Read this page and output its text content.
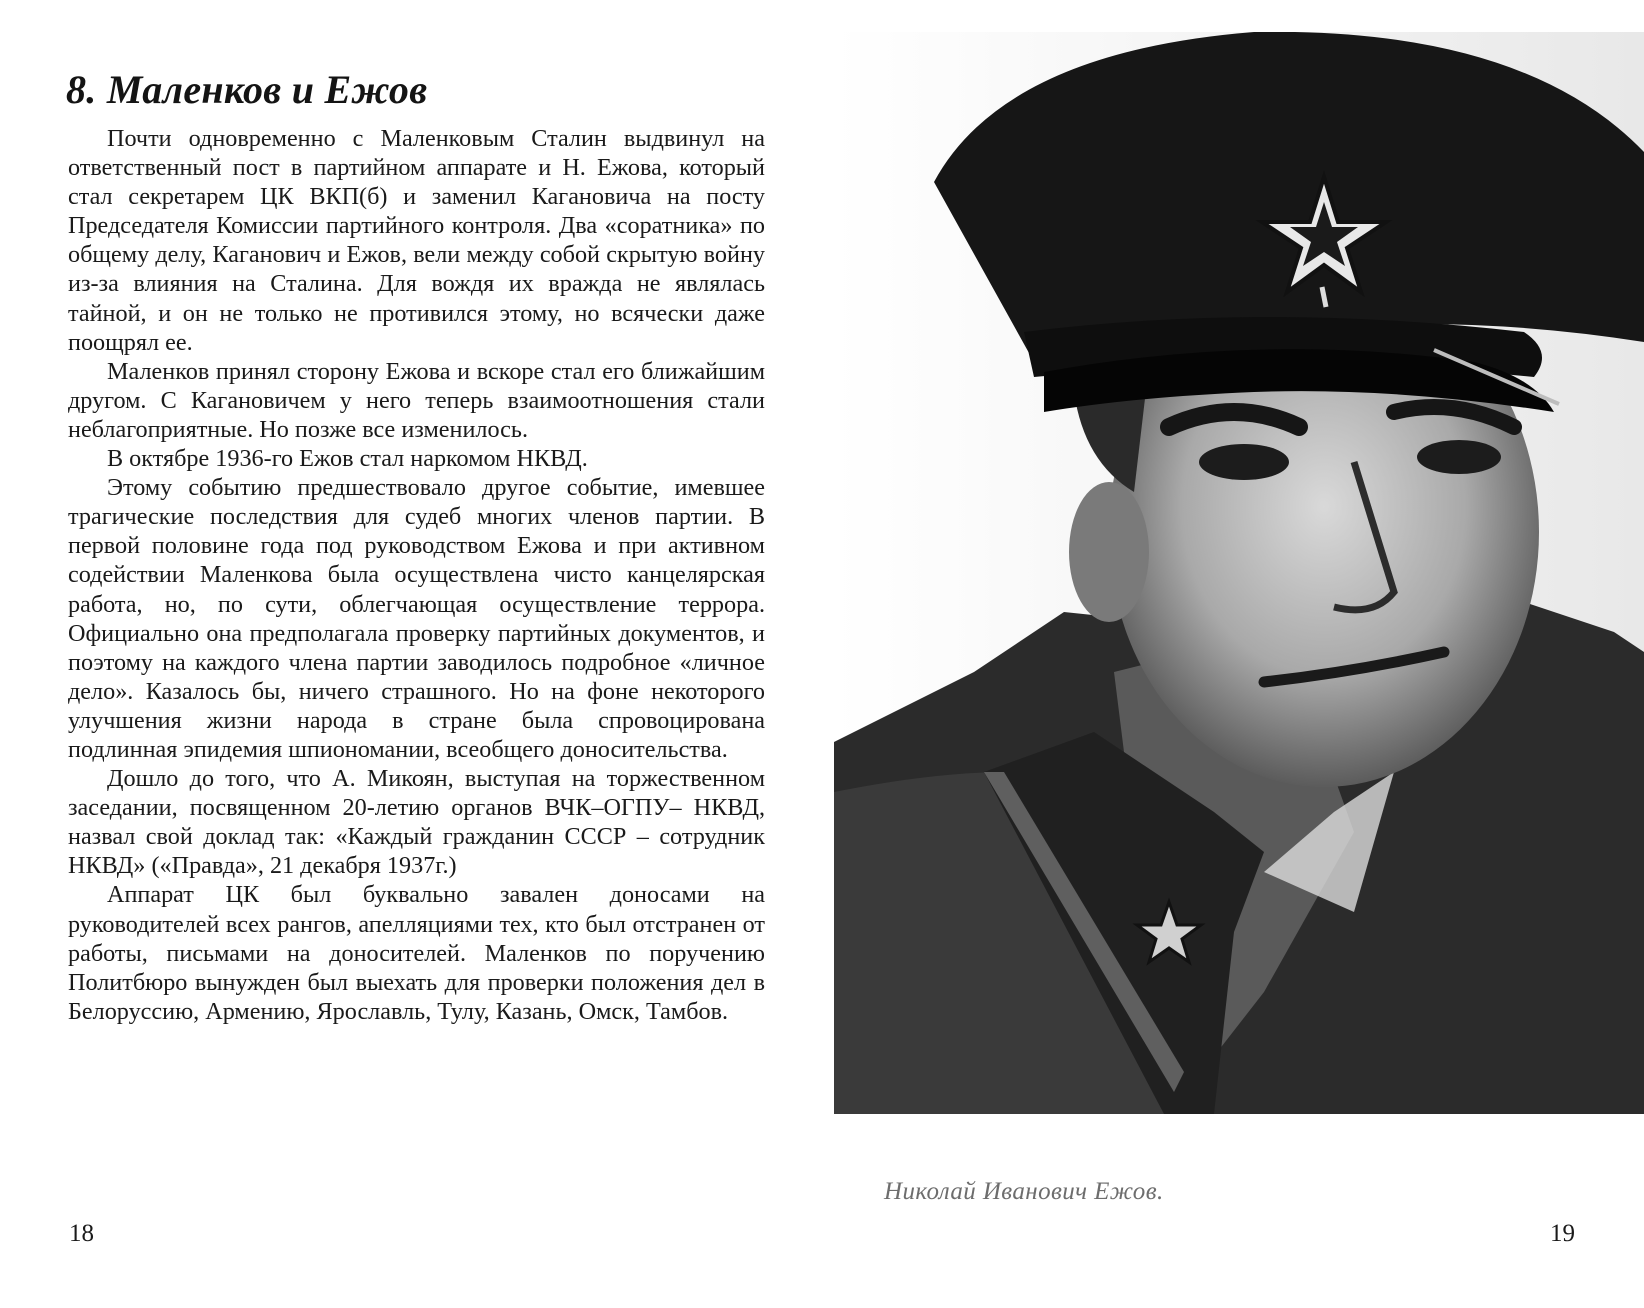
8. Маленков и Ежов

Почти одновременно с Маленковым Сталин выдвинул на ответственный пост в партийном аппарате и Н. Ежова, который стал секретарем ЦК ВКП(б) и заменил Кагановича на посту Председателя Комиссии партийного контроля. Два «соратника» по общему делу, Каганович и Ежов, вели между собой скрытую войну из-за влияния на Сталина. Для вождя их вражда не являлась тайной, и он не только не противился этому, но всячески даже поощрял ее.

Маленков принял сторону Ежова и вскоре стал его ближайшим другом. С Кагановичем у него теперь взаимоотношения стали неблагоприятные. Но позже все изменилось.

В октябре 1936-го Ежов стал наркомом НКВД.

Этому событию предшествовало другое событие, имевшее трагические последствия для судеб многих членов партии. В первой половине года под руководством Ежова и при активном содействии Маленкова была осуществлена чисто канцелярская работа, но, по сути, облегчающая осуществление террора. Официально она предполагала проверку партийных документов, и поэтому на каждого члена партии заводилось подробное «личное дело». Казалось бы, ничего страшного. Но на фоне некоторого улучшения жизни народа в стране была спровоцирована подлинная эпидемия шпиономании, всеобщего доносительства.

Дошло до того, что А. Микоян, выступая на торжественном заседании, посвященном 20-летию органов ВЧК–ОГПУ– НКВД, назвал свой доклад так: «Каждый гражданин СССР – сотрудник НКВД» («Правда», 21 декабря 1937г.)

Аппарат ЦК был буквально завален доносами на руководителей всех рангов, апелляциями тех, кто был отстранен от работы, письмами на доносителей. Маленков по поручению Политбюро вынужден был выехать для проверки положения дел в Белоруссию, Армению, Ярославль, Тулу, Казань, Омск, Тамбов.

18
Николай Иванович Ежов.
19
